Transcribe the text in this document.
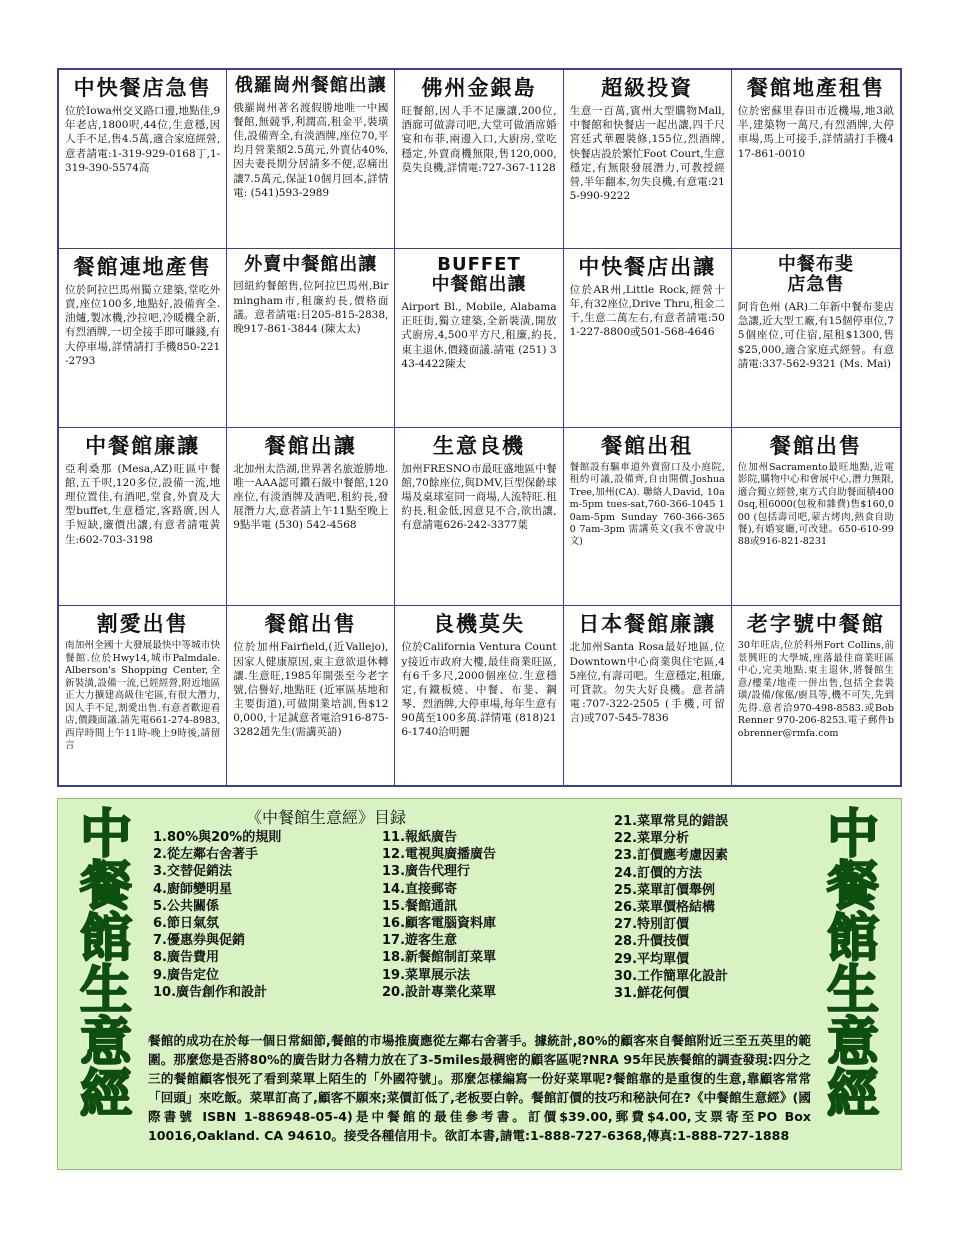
中快餐店急售

位於Iowa州交叉路口邊,地點佳,9年老店,1800呎,44位,生意穩,因人手不足,售4.5萬,適合家庭經營,意者請電:1-319-929-0168丁,1-319-390-5574高

俄羅崗州餐館出讓

俄羅崗州著名渡假勝地唯一中國餐館,無競爭,利潤高,租金平,裝璜佳,設備齊全,有淡酒牌,座位70,平均月營業額2.5萬元,外賣佔40%,因夫妻長期分居請多不便,忍痛出讓7.5萬元,保証10個月回本,詳情電: (541)593-2989

佛州金銀島

旺餐館,因人手不足廉讓,200位,酒廊可做壽司吧,大堂可做酒席婚宴和布菲,兩邊入口,大廚房,堂吃穩定,外賣商機無限,售120,000,莫失良機,詳情電:727-367-1128

超級投資

生意一百萬,賓州大型購物Mall,中餐館和快餐店一起出讓,四千尺宮廷式華麗裝修,155位,烈酒牌,快餐店設於繁忙Foot Court,生意穩定,有無限發展潛力,可教授經營,半年翻本,勿失良機,有意電:215-990-9222

餐館地產租售

位於密蘇里春田市近機場,地3畝半,建築物一萬尺,有烈酒牌,大停車場,馬上可接手,詳情請打手機417-861-0010

餐館連地產售

位於阿拉巴馬州獨立建築,堂吃外賣,座位100多,地點好,設備齊全.油爐,製冰機,沙拉吧,冷暖機全新,有烈酒牌,一切全接手即可賺錢,有大停車場,詳情請打手機850-221-2793

外賣中餐館出讓

回紐約餐館售,位阿拉巴馬州,Birmingham市,租廉約長,價格面議。意者請電:日205-815-2838,晚917-861-3844 (陳太太)

BUFFET
中餐館出讓

Airport Bl., Mobile, Alabama正旺街,獨立建築,全新裝潢,開放式廚房,4,500平方尺,租廉,約長,東主退休,價錢面議.請電 (251) 343-4422陳太

中快餐店出讓

位於AR州,Little Rock,經營十年,有32座位,Drive Thru,租金二千,生意二萬左右,有意者請電:501-227-8800或501-568-4646

中餐布斐
店急售

阿肯色州 (AR)二年新中餐布斐店急讓,近大型工廠,有15個停車位,75個座位,可住宿,屋租$1300,售$25,000,適合家庭式經營。有意請電:337-562-9321 (Ms. Mai)

中餐館廉讓

亞利桑那 (Mesa,AZ)旺區中餐館,五千呎,120多位,設備一流,地理位置佳,有酒吧,堂食,外賣及大型buffet,生意穩定,客路廣,因人手短缺,廉價出讓,有意者請電黃生:602-703-3198

餐館出讓

北加州太浩湖,世界著名旅遊勝地.唯一AAA認可鑽石級中餐館,120座位,有淡酒牌及酒吧,租約長,發展潛力大,意者請上午11點至晚上9點半電 (530) 542-4568

生意良機

加州FRESNO市最旺盛地區中餐館,70餘座位,與DMV,巨型保齡球場及桌球室同一商場,人流特旺.租約長,租金低,因意見不合,欲出讓,有意請電626-242-3377葉

餐館出租

餐館設有驅車道外賣窗口及小庭院,租約可議,設備齊,自由開價.Joshua Tree,加州(CA). 聯絡人David, 10am-5pm tues-sat,760-366-1045 10am-5pm Sunday 760-366-3650 7am-3pm 需講英文(我不會說中文)

餐館出售

位加州Sacramento最旺地點,近電影院,購物中心和會展中心,潛力無限,適合獨立經營,東方式自助餐面積4000sq,租6000(包稅和雜費)售$160,000 (包括壽司吧,蒙古烤肉,熱食自助餐),有婚宴廳,可改建。650-610-9988或916-821-8231

割愛出售

南加州全國十大發展最快中等城市快餐館.位於Hwy14,城市Palmdale. Alberson's Shopping Center,全新裝潢,設備一流,已經經營,附近地區正大力擴建高級住宅區,有很大潛力,因人手不足,割愛出售.有意者歡迎看店,價錢面議.請先電661-274-8983,西岸時間上午11時-晚上9時後,請留言

餐館出售

位於加州Fairfield,(近Vallejo),因家人健康原因,東主意欲退休轉讓.生意旺,1985年開張至今老字號,信譽好,地點旺 (近軍區基地和主要街道),可做開業培訓,售$120,000,十足誠意者電洽916-875-3282趙先生(需講英語)

良機莫失

位於California Ventura County接近市政府大樓,最佳商業旺區,有6千多尺,2000個座位.生意穩定,有鐵板燒、中餐、布斐、鋼琴、烈酒牌,大停車場,每年生意有90萬至100多萬.詳情電 (818)216-1740洽明麗

日本餐館廉讓

北加州Santa Rosa最好地區,位Downtown中心商業與住宅區,45座位,有壽司吧。生意穩定,租廉,可貸款。勿失大好良機。意者請電:707-322-2505 (手機,可留言)或707-545-7836

老字號中餐館

30年旺店,位於科州Fort Collins,前景興旺的大學城,座落最佳商業旺區中心,完美地點.東主退休,將餐館生意/樓業/地產一併出售,包括全套裝璜/設備/傢俬/廚具等,機不可失,先到先得.意者洽970-498-8583.或Bob Renner 970-206-8253.電子郵件bobrenner@rmfa.com

中
餐
館
生
意
經
中
餐
館
生
意
經
《中餐館生意經》目録
1.80%與20%的規則
2.從左鄰右舍著手
3.交替促銷法
4.廚師變明星
5.公共關係
6.節日氣氛
7.優惠券與促銷
8.廣告費用
9.廣告定位
10.廣告創作和設計
11.報紙廣告
12.電視與廣播廣告
13.廣告代理行
14.直接郵寄
15.餐館通訊
16.顧客電腦資料庫
17.遊客生意
18.新餐館制訂菜單
19.菜單展示法
20.設計專業化菜單
21.菜單常見的錯誤
22.菜單分析
23.訂價應考慮因素
24.訂價的方法
25.菜單訂價舉例
26.菜單價格結構
27.特別訂價
28.升價技價
29.平均單價
30.工作簡單化設計
31.鮮花何價

餐館的成功在於每一個日常細節,餐館的市場推廣應從左鄰右舍著手。據統計,80%的顧客來自餐館附近三至五英里的範圍。那麼您是否將80%的廣告財力各精力放在了3-5miles最稠密的顧客區呢?NRA 95年民族餐館的調查發現:四分之三的餐館顧客恨死了看到菜單上陌生的「外國符號」。那麼怎樣編寫一份好菜單呢?餐館靠的是重復的生意,靠顧客常常「回頭」來吃飯。菜單訂高了,顧客不願來;菜價訂低了,老板要白幹。餐館訂價的技巧和秘訣何在?《中餐館生意經》(國際書號 ISBN 1-886948-05-4)是中餐館的最佳參考書。訂價$39.00,郵費$4.00,支票寄至PO Box 10016,Oakland. CA 94610。接受各種信用卡。欲訂本書,請電:1-888-727-6368,傳真:1-888-727-1888
